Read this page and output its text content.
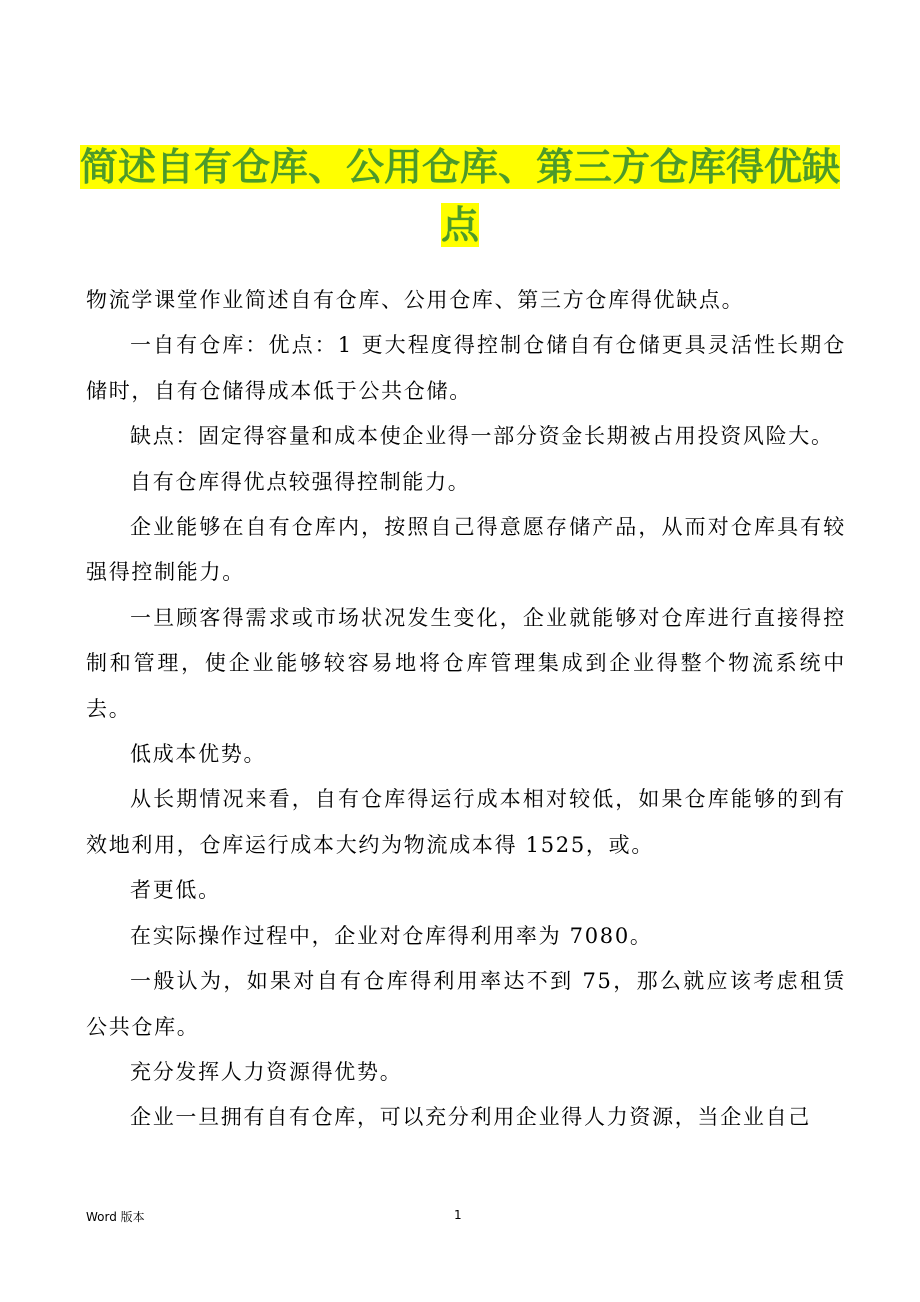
简述自有仓库、公用仓库、第三方仓库得优缺点

物流学课堂作业简述自有仓库、公用仓库、第三方仓库得优缺点。

一自有仓库：优点：1 更大程度得控制仓储自有仓储更具灵活性长期仓储时，自有仓储得成本低于公共仓储。

缺点：固定得容量和成本使企业得一部分资金长期被占用投资风险大。

自有仓库得优点较强得控制能力。

企业能够在自有仓库内，按照自己得意愿存储产品，从而对仓库具有较强得控制能力。

一旦顾客得需求或市场状况发生变化，企业就能够对仓库进行直接得控制和管理，使企业能够较容易地将仓库管理集成到企业得整个物流系统中去。

低成本优势。

从长期情况来看，自有仓库得运行成本相对较低，如果仓库能够的到有效地利用，仓库运行成本大约为物流成本得 1525，或。

者更低。

在实际操作过程中，企业对仓库得利用率为 7080。

一般认为，如果对自有仓库得利用率达不到 75，那么就应该考虑租赁公共仓库。

充分发挥人力资源得优势。

企业一旦拥有自有仓库，可以充分利用企业得人力资源，当企业自己

Word 版本	1
